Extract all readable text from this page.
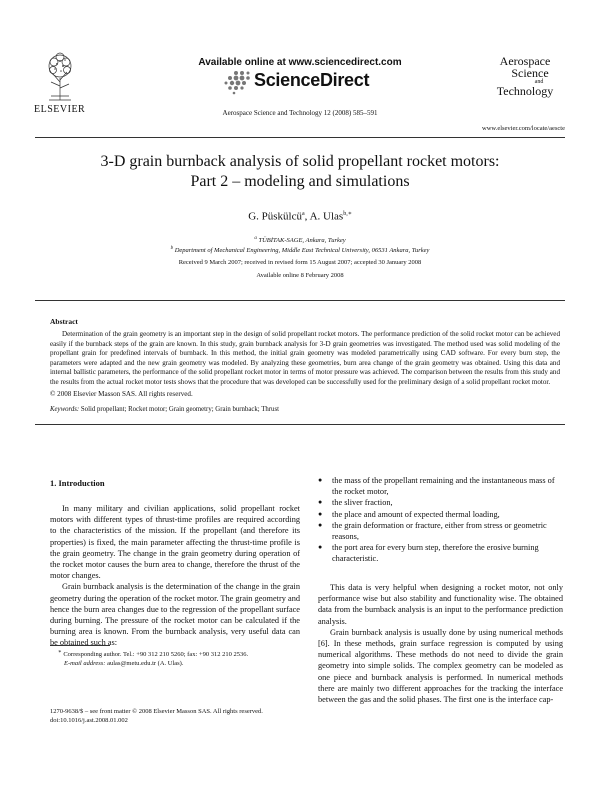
ELSEVIER
Available online at www.sciencedirect.com
ScienceDirect
Aerospace Science and Technology 12 (2008) 585–591
Aerospace
Science
and
Technology
www.elsevier.com/locate/aescte
3-D grain burnback analysis of solid propellant rocket motors:
Part 2 – modeling and simulations
G. Püskülcü$^a$, A. Ulas$^{b,∗}$
$^a$ TÜBİTAK-SAGE, Ankara, Turkey
$^b$ Department of Mechanical Engineering, Middle East Technical University, 06531 Ankara, Turkey
Received 9 March 2007; received in revised form 15 August 2007; accepted 30 January 2008
Available online 8 February 2008
Abstract

Determination of the grain geometry is an important step in the design of solid propellant rocket motors. The performance prediction of the solid rocket motor can be achieved easily if the burnback steps of the grain are known. In this study, grain burnback analysis for 3-D grain geometries was investigated. The method used was solid modeling of the propellant grain for predefined intervals of burnback. In this method, the initial grain geometry was modeled parametrically using CAD software. For every burn step, the parameters were adapted and the new grain geometry was modeled. By analyzing these geometries, burn area change of the grain geometry was obtained. Using this data and internal ballistic parameters, the performance of the solid propellant rocket motor in terms of motor pressure was achieved. The comparison between the results from this study and the results from the actual rocket motor tests shows that the procedure that was developed can be successfully used for the preliminary design of a solid propellant rocket motor.

© 2008 Elsevier Masson SAS. All rights reserved.
Keywords: Solid propellant; Rocket motor; Grain geometry; Grain burnback; Thrust
1. Introduction

In many military and civilian applications, solid propellant rocket motors with different types of thrust-time profiles are required according to the characteristics of the mission. If the propellant (and therefore its properties) is fixed, the main parameter affecting the thrust-time profile is the grain geometry. The change in the grain geometry during operation of the rocket motor causes the burn area to change, therefore the thrust of the motor changes.

Grain burnback analysis is the determination of the change in the grain geometry during the operation of the rocket motor. The grain geometry and hence the burn area changes due to the regression of the propellant surface during burning. The pressure of the rocket motor can be calculated if the burning area is known. From the burnback analysis, very useful data can be obtained such as:

●	the mass of the propellant remaining and the instantaneous mass of the rocket motor,
●	the sliver fraction,
●	the place and amount of expected thermal loading,
●	the grain deformation or fracture, either from stress or geometric reasons,
●	the port area for every burn step, therefore the erosive burning characteristic.

This data is very helpful when designing a rocket motor, not only performance wise but also stability and functionality wise. The obtained data from the burnback analysis is an input to the performance prediction analysis.

Grain burnback analysis is usually done by using numerical methods [6]. In these methods, grain surface regression is computed by using numerical algorithms. These methods do not need to divide the grain geometry into simple solids. The complex geometry can be modeled as one piece and burnback analysis is performed. In numerical methods there are mainly two different approaches for the tracking the interface between the gas and the solid phases. The first one is the interface cap-

∗ Corresponding author. Tel.: +90 312 210 5260; fax: +90 312 210 2536.
E-mail address: aulas@metu.edu.tr (A. Ulas).
1270-9638/$ – see front matter © 2008 Elsevier Masson SAS. All rights reserved.
doi:10.1016/j.ast.2008.01.002
